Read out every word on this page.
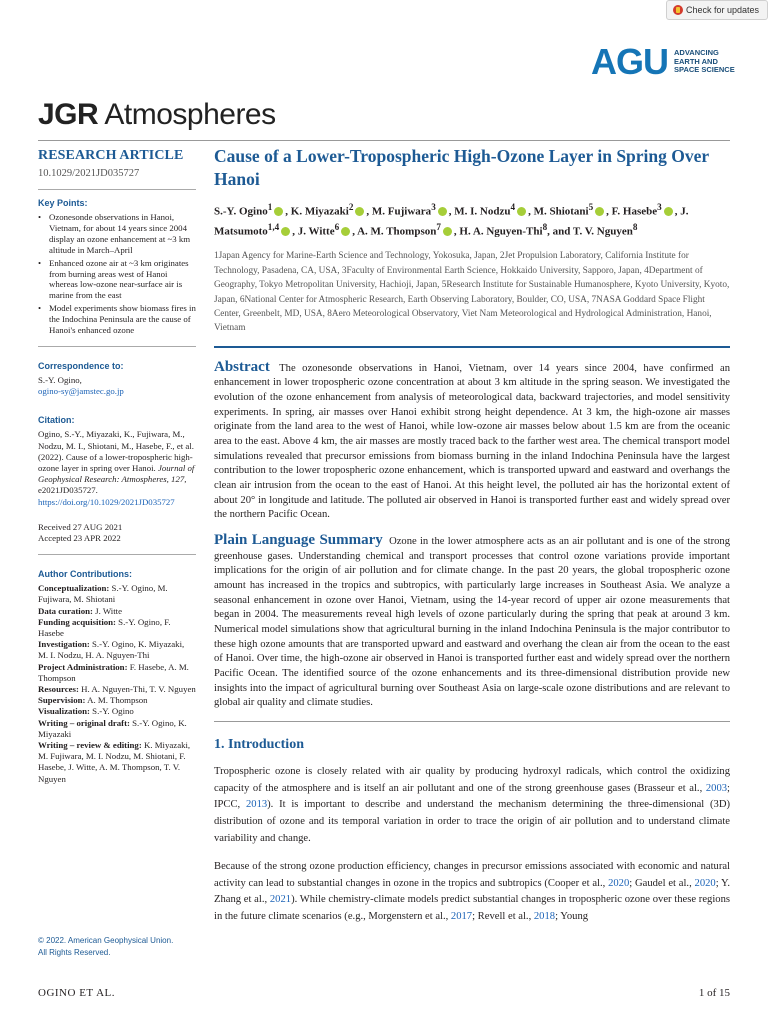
Check for updates
AGU ADVANCING
EARTH AND
SPACE SCIENCE
JGR Atmospheres
RESEARCH ARTICLE
10.1029/2021JD035727
Key Points:
• Ozonesonde observations in Hanoi, Vietnam, for about 14 years since 2004 display an ozone enhancement at ~3 km altitude in March–April
• Enhanced ozone air at ~3 km originates from burning areas west of Hanoi whereas low-ozone near-surface air is marine from the east
• Model experiments show biomass fires in the Indochina Peninsula are the cause of Hanoi's enhanced ozone
Correspondence to:
S.-Y. Ogino,
ogino-sy@jamstec.go.jp
Citation:
Ogino, S.-Y., Miyazaki, K., Fujiwara, M., Nodzu, M. I., Shiotani, M., Hasebe, F., et al. (2022). Cause of a lower-tropospheric high-ozone layer in spring over Hanoi. Journal of Geophysical Research: Atmospheres, 127, e2021JD035727. https://doi.org/10.1029/2021JD035727
Received 27 AUG 2021
Accepted 23 APR 2022
Author Contributions:

Conceptualization: S.-Y. Ogino, M. Fujiwara, M. Shiotani

Data curation: J. Witte

Funding acquisition: S.-Y. Ogino, F. Hasebe

Investigation: S.-Y. Ogino, K. Miyazaki, M. I. Nodzu, H. A. Nguyen-Thi

Project Administration: F. Hasebe, A. M. Thompson

Resources: H. A. Nguyen-Thi, T. V. Nguyen

Supervision: A. M. Thompson

Visualization: S.-Y. Ogino

Writing – original draft: S.-Y. Ogino, K. Miyazaki

Writing – review & editing: K. Miyazaki, M. Fujiwara, M. I. Nodzu, M. Shiotani, F. Hasebe, J. Witte, A. M. Thompson, T. V. Nguyen

© 2022. American Geophysical Union.
All Rights Reserved.
Cause of a Lower-Tropospheric High-Ozone Layer in Spring Over Hanoi
S.-Y. Ogino$^1$ , K. Miyazaki$^2$ , M. Fujiwara$^3$ , M. I. Nodzu$^4$ , M. Shiotani$^5$ , F. Hasebe$^3$ , J. Matsumoto$^{1,4}$ , J. Witte$^6$ , A. M. Thompson$^7$ , H. A. Nguyen-Thi$^8$, and T. V. Nguyen$^8$
1Japan Agency for Marine-Earth Science and Technology, Yokosuka, Japan, 2Jet Propulsion Laboratory, California Institute for Technology, Pasadena, CA, USA, 3Faculty of Environmental Earth Science, Hokkaido University, Sapporo, Japan, 4Department of Geography, Tokyo Metropolitan University, Hachioji, Japan, 5Research Institute for Sustainable Humanosphere, Kyoto University, Kyoto, Japan, 6National Center for Atmospheric Research, Earth Observing Laboratory, Boulder, CO, USA, 7NASA Goddard Space Flight Center, Greenbelt, MD, USA, 8Aero Meteorological Observatory, Viet Nam Meteorological and Hydrological Administration, Hanoi, Vietnam
Abstract The ozonesonde observations in Hanoi, Vietnam, over 14 years since 2004, have confirmed an enhancement in lower tropospheric ozone concentration at about 3 km altitude in the spring season. We investigated the evolution of the ozone enhancement from analysis of meteorological data, backward trajectories, and model sensitivity experiments. In spring, air masses over Hanoi exhibit strong height dependence. At 3 km, the high-ozone air masses originate from the land area to the west of Hanoi, while low-ozone air masses below about 1.5 km are from the oceanic area to the east. Above 4 km, the air masses are mostly traced back to the farther west area. The chemical transport model simulations revealed that precursor emissions from biomass burning in the inland Indochina Peninsula have the largest contribution to the lower tropospheric ozone enhancement, which is transported upward and eastward and overhangs the clean air intrusion from the ocean to the east of Hanoi. At this height level, the polluted air has the horizontal extent of about 20° in longitude and latitude. The polluted air observed in Hanoi is transported further east and widely spread over the northern Pacific Ocean.
Plain Language Summary Ozone in the lower atmosphere acts as an air pollutant and is one of the strong greenhouse gases. Understanding chemical and transport processes that control ozone variations provide important implications for the origin of air pollution and for climate change. In the past 20 years, the global tropospheric ozone amount has increased in the tropics and subtropics, with particularly large increases in Southeast Asia. We analyze a seasonal enhancement in ozone over Hanoi, Vietnam, using the 14-year record of upper air ozone measurements that began in 2004. The measurements reveal high levels of ozone particularly during the spring that peak at around 3 km. Numerical model simulations show that agricultural burning in the inland Indochina Peninsula is the major contributor to these high ozone amounts that are transported upward and eastward and overhang the clean air from the ocean to the east of Hanoi. Over time, the high-ozone air observed in Hanoi is transported further east and widely spread over the northern Pacific Ocean. The identified source of the ozone enhancements and its three-dimensional distribution provide new insights into the impact of agricultural burning over Southeast Asia on large-scale ozone distributions and are relevant to global air quality and climate studies.
1. Introduction

Tropospheric ozone is closely related with air quality by producing hydroxyl radicals, which control the oxidizing capacity of the atmosphere and is itself an air pollutant and one of the strong greenhouse gases (Brasseur et al., 2003; IPCC, 2013). It is important to describe and understand the mechanism determining the three-dimensional (3D) distribution of ozone and its temporal variation in order to trace the origin of air pollution and to understand climate variability and change.

Because of the strong ozone production efficiency, changes in precursor emissions associated with economic and natural activity can lead to substantial changes in ozone in the tropics and subtropics (Cooper et al., 2020; Gaudel et al., 2020; Y. Zhang et al., 2021). While chemistry-climate models predict substantial changes in tropospheric ozone over these regions in the future climate scenarios (e.g., Morgenstern et al., 2017; Revell et al., 2018; Young

OGINO ET AL.	1 of 15
